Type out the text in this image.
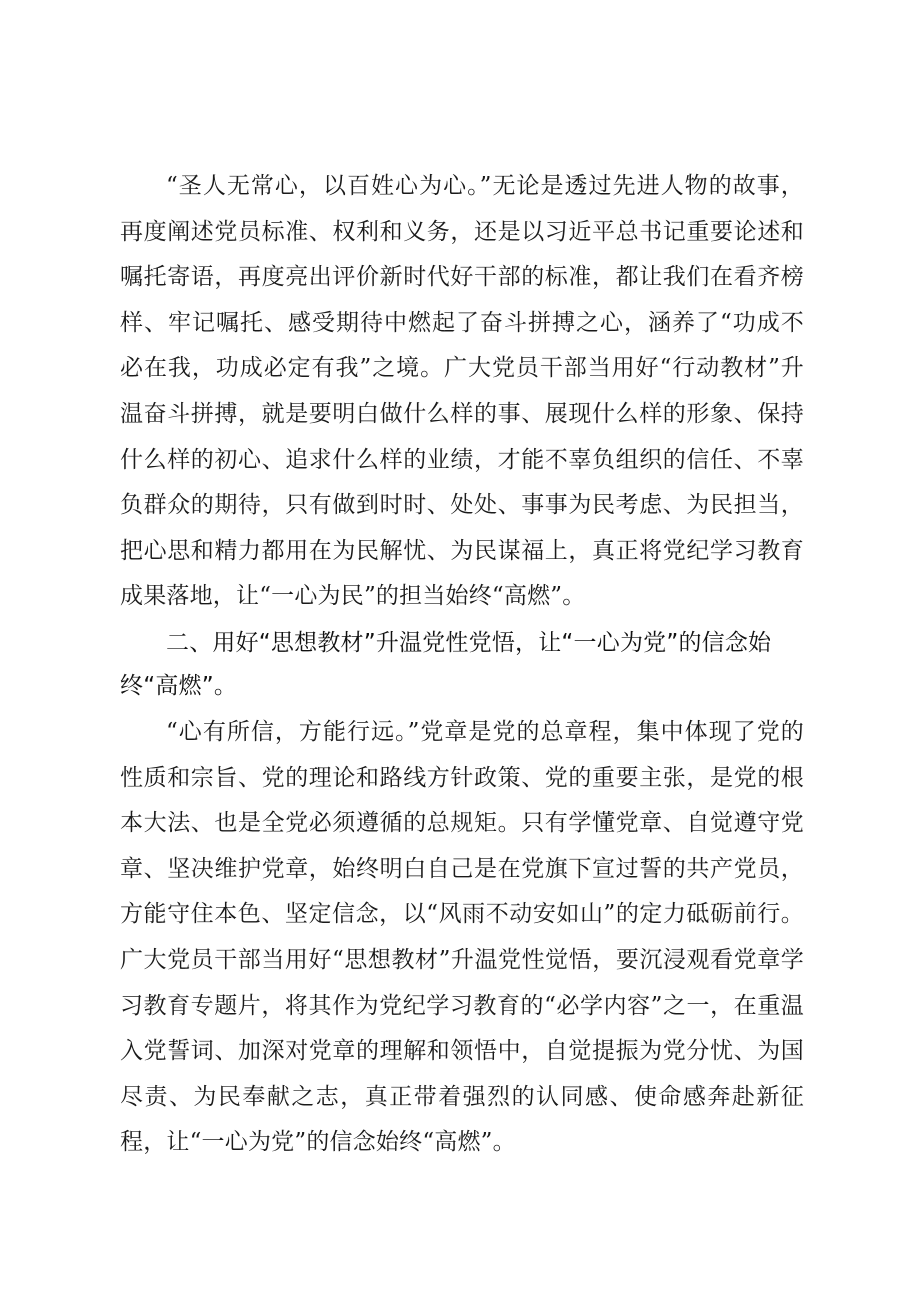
“圣人无常心，以百姓心为心。”无论是透过先进人物的故事，再度阐述党员标准、权利和义务，还是以习近平总书记重要论述和嘱托寄语，再度亮出评价新时代好干部的标准，都让我们在看齐榜样、牢记嘱托、感受期待中燃起了奋斗拼搏之心，涵养了“功成不必在我，功成必定有我”之境。广大党员干部当用好“行动教材”升温奋斗拼搏，就是要明白做什么样的事、展现什么样的形象、保持什么样的初心、追求什么样的业绩，才能不辜负组织的信任、不辜负群众的期待，只有做到时时、处处、事事为民考虑、为民担当，把心思和精力都用在为民解忧、为民谋福上，真正将党纪学习教育成果落地，让“一心为民”的担当始终“高燃”。

二、用好“思想教材”升温党性党悟，让“一心为党”的信念始终“高燃”。

“心有所信，方能行远。”党章是党的总章程，集中体现了党的性质和宗旨、党的理论和路线方针政策、党的重要主张，是党的根本大法、也是全党必须遵循的总规矩。只有学懂党章、自觉遵守党章、坚决维护党章，始终明白自己是在党旗下宣过誓的共产党员，方能守住本色、坚定信念，以“风雨不动安如山”的定力砥砺前行。广大党员干部当用好“思想教材”升温党性觉悟，要沉浸观看党章学习教育专题片，将其作为党纪学习教育的“必学内容”之一，在重温入党誓词、加深对党章的理解和领悟中，自觉提振为党分忧、为国尽责、为民奉献之志，真正带着强烈的认同感、使命感奔赴新征程，让“一心为党”的信念始终“高燃”。
